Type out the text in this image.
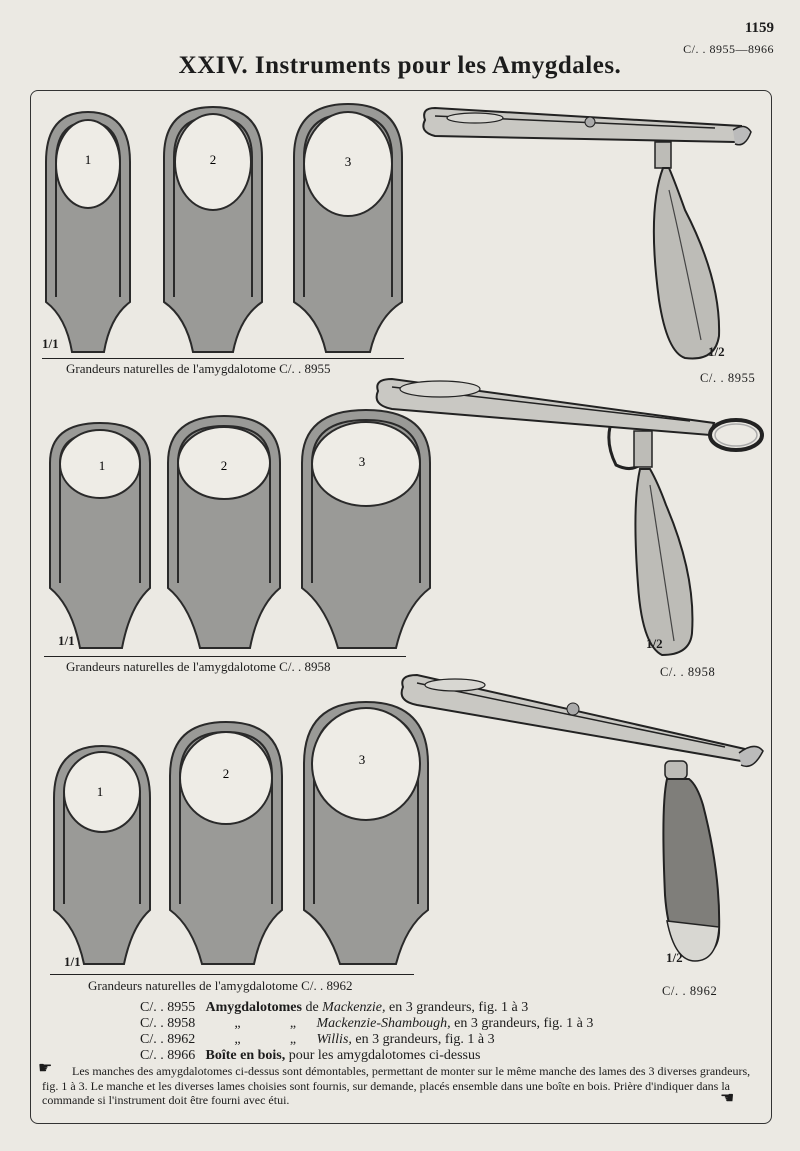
1159
C/. . 8955—8966
XXIV. Instruments pour les Amygdales.
1	2	3
1/1
Grandeurs naturelles de l'amygdalotome C/. . 8955
1/2
C/. . 8955
1	2	3
1/1
Grandeurs naturelles de l'amygdalotome C/. . 8958
1/2
C/. . 8958
1
2
3
1/1
Grandeurs naturelles de l'amygdalotome C/. . 8962
1/2
C/. . 8962
C/. . 8955 Amygdalotomes de Mackenzie, en 3 grandeurs, fig. 1 à 3
C/. . 8958	„	„ Mackenzie-Shambough, en 3 grandeurs, fig. 1 à 3
C/. . 8962	„	„ Willis, en 3 grandeurs, fig. 1 à 3
C/. . 8966 Boîte en bois, pour les amygdalotomes ci-dessus
☛	Les manches des amygdalotomes ci-dessus sont démontables, permettant de monter sur le même manche des lames des 3 diverses grandeurs, fig. 1 à 3. Le manche et les diverses lames choisies sont fournis, sur demande, placés ensemble dans une boîte en bois. Prière d'indiquer dans la commande si l'instrument doit être fourni avec étui.	☚
